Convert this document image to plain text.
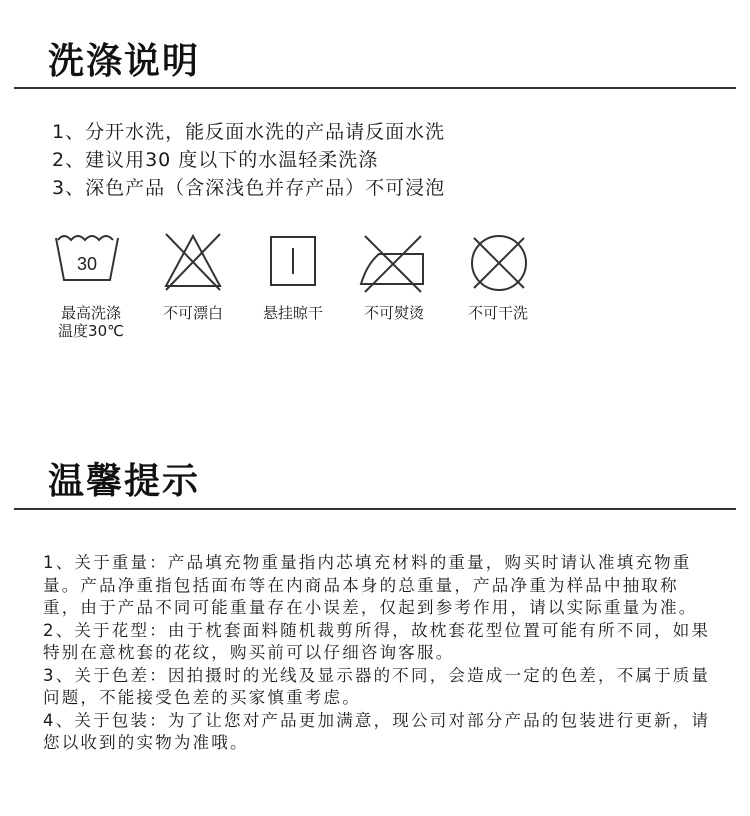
洗涤说明
1、分开水洗，能反面水洗的产品请反面水洗
2、建议用30 度以下的水温轻柔洗涤
3、深色产品（含深浅色并存产品）不可浸泡
30
最高洗涤
温度30℃
不可漂白	悬挂晾干	不可熨烫	不可干洗
温馨提示

1、关于重量：产品填充物重量指内芯填充材料的重量，购买时请认准填充物重量。产品净重指包括面布等在内商品本身的总重量，产品净重为样品中抽取称重，由于产品不同可能重量存在小误差，仅起到参考作用，请以实际重量为准。

2、关于花型：由于枕套面料随机裁剪所得，故枕套花型位置可能有所不同，如果特别在意枕套的花纹，购买前可以仔细咨询客服。

3、关于色差：因拍摄时的光线及显示器的不同，会造成一定的色差，不属于质量问题，不能接受色差的买家慎重考虑。

4、关于包装：为了让您对产品更加满意，现公司对部分产品的包装进行更新，请您以收到的实物为准哦。
